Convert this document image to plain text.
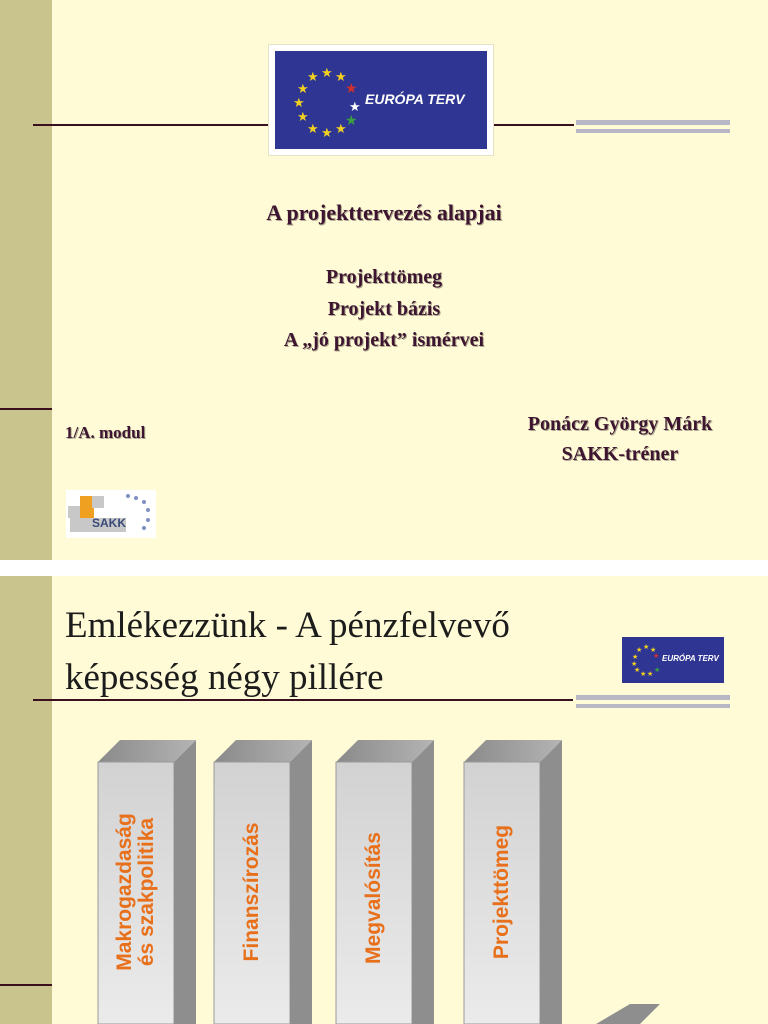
★ ★
★
★
★
★
★ ★ ★
★
★
★
EURÓPA TERV
A projekttervezés alapjai
Projekttömeg
Projekt bázis
A „jó projekt” ismérvei
1/A. modul	Ponácz György Márk
SAKK-tréner
SAKK
★ ★
★
★
★
★ ★ ★
★
★
EURÓPA TERV
Emlékezzünk - A pénzfelvevő
képesség négy pillére
Makrogazdaság
és szakpolitika	Finanszírozás	Megvalósítás	Projekttömeg
